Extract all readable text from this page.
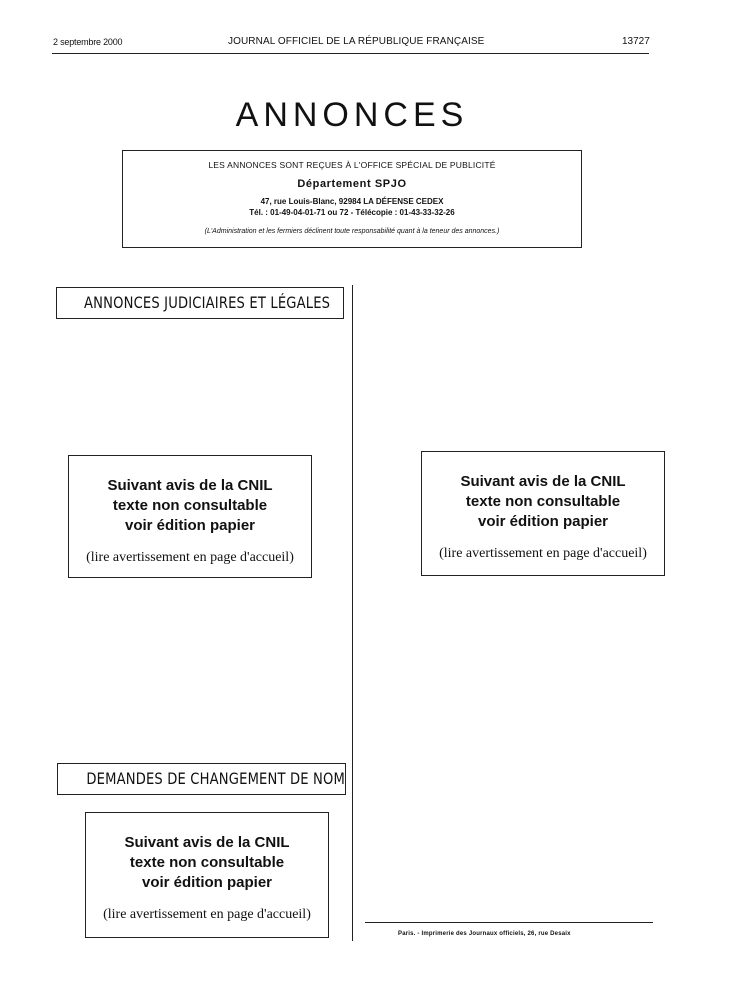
2 septembre 2000	JOURNAL OFFICIEL DE LA RÉPUBLIQUE FRANÇAISE	13727
ANNONCES
LES ANNONCES SONT REÇUES À L'OFFICE SPÉCIAL DE PUBLICITÉ
Département SPJO
47, rue Louis-Blanc, 92984 LA DÉFENSE CEDEX
Tél. : 01-49-04-01-71 ou 72 - Télécopie : 01-43-33-32-26
(L'Administration et les fermiers déclinent toute responsabilité quant à la teneur des annonces.)
ANNONCES JUDICIAIRES ET LÉGALES
Suivant avis de la CNIL
texte non consultable
voir édition papier
(lire avertissement en page d'accueil)
Suivant avis de la CNIL
texte non consultable
voir édition papier
(lire avertissement en page d'accueil)
DEMANDES DE CHANGEMENT DE NOM
Suivant avis de la CNIL
texte non consultable
voir édition papier
(lire avertissement en page d'accueil)
Paris. - Imprimerie des Journaux officiels, 26, rue Desaix
